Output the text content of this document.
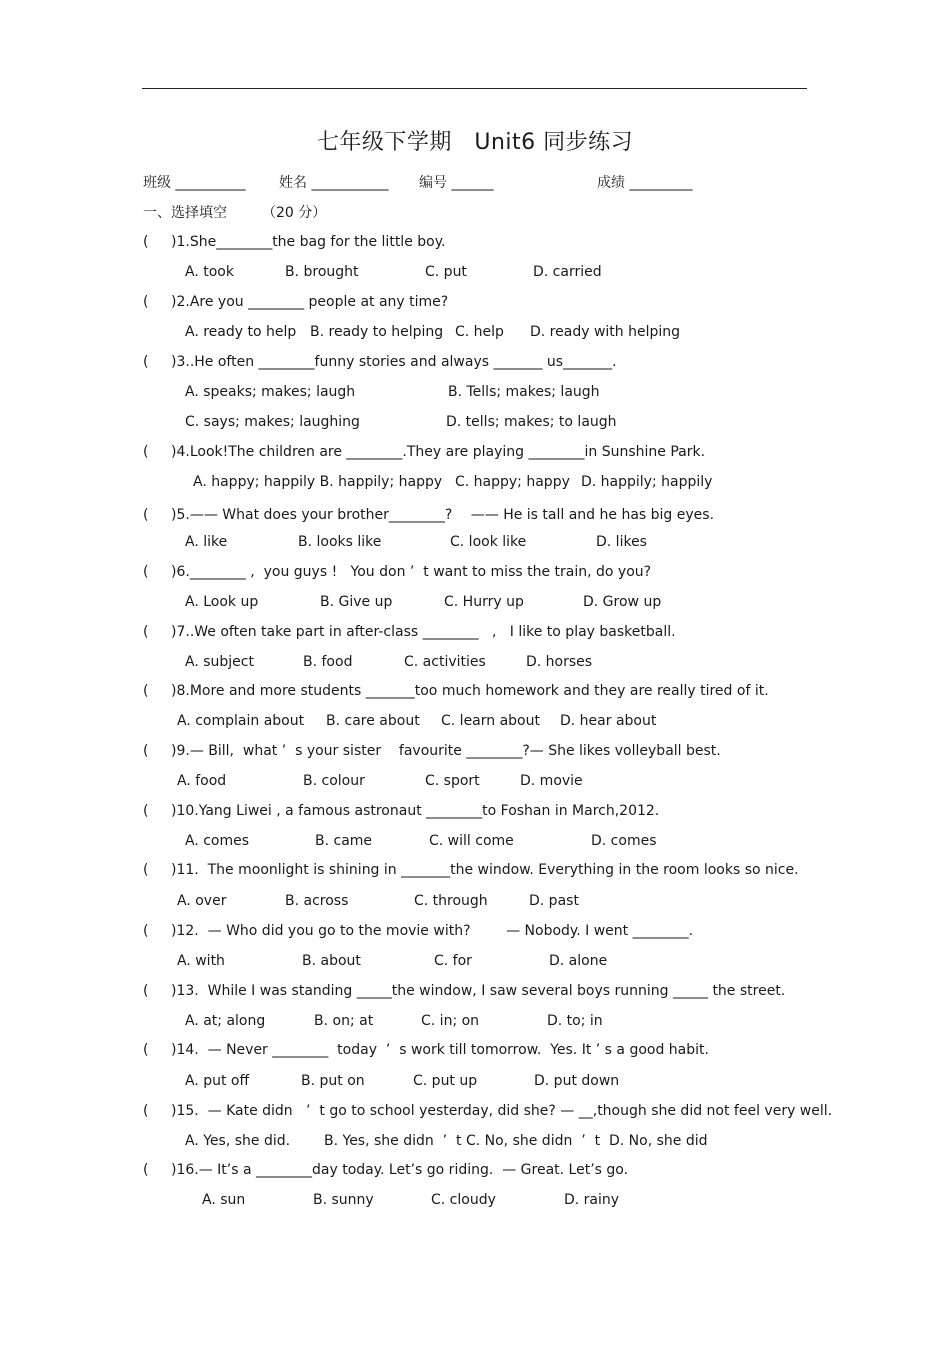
七年级下学期　Unit6 同步练习
班级 __________ 姓名 ___________ 编号 ______	成绩 _________
一、选择填空　　　（20 分）
( )1.She________the bag for the little boy.
A. took	B. brought	C. put	D. carried
( )2.Are you ________ people at any time?
A. ready to help B. ready to helping C. help D. ready with helping
( )3..He often ________funny stories and always _______ us_______.
A. speaks; makes; laugh	B. Tells; makes; laugh
C. says; makes; laughing	D. tells; makes; to laugh
( )4.Look!The children are ________.They are playing ________in Sunshine Park.
A. happy; happily B. happily; happy C. happy; happy D. happily; happily
( )5.—— What does your brother________?　 —— He is tall and he has big eyes.
A. like	B. looks like	C. look like	D. likes
( )6.________ ,  you guys !   You don ’  t want to miss the train, do you?
A. Look up	B. Give up	C. Hurry up	D. Grow up
( )7..We often take part in after-class ________   ,   I like to play basketball.
A. subject	B. food	C. activities	D. horses
( )8.More and more students _______too much homework and they are really tired of it.
A. complain about B. care about C. learn about D. hear about
( )9.— Bill,  what ’  s your sister    favourite ________?— She likes volleyball best.
A. food	B. colour	C. sport	D. movie
( )10.Yang Liwei , a famous astronaut ________to Foshan in March,2012.
A. comes	B. came	C. will come	D. comes
( )11.  The moonlight is shining in _______the window. Everything in the room looks so nice.
A. over	B. across	C. through	D. past
( )12.  — Who did you go to the movie with?        — Nobody. I went ________.
A. with	B. about	C. for	D. alone
( )13.  While I was standing _____the window, I saw several boys running _____ the street.
A. at; along	B. on; at	C. in; on	D. to; in
( )14.  — Never ________  today  ’  s work till tomorrow.  Yes. It ’ s a good habit.
A. put off	B. put on	C. put up	D. put down
( )15.  — Kate didn   ’  t go to school yesterday, did she? — __,though she did not feel very well.
A. Yes, she did. B. Yes, she didn  ’  t C. No, she didn  ’  t  D. No, she did
( )16.— It’s a ________day today. Let’s go riding.  — Great. Let’s go.
A. sun	B. sunny	C. cloudy	D. rainy
